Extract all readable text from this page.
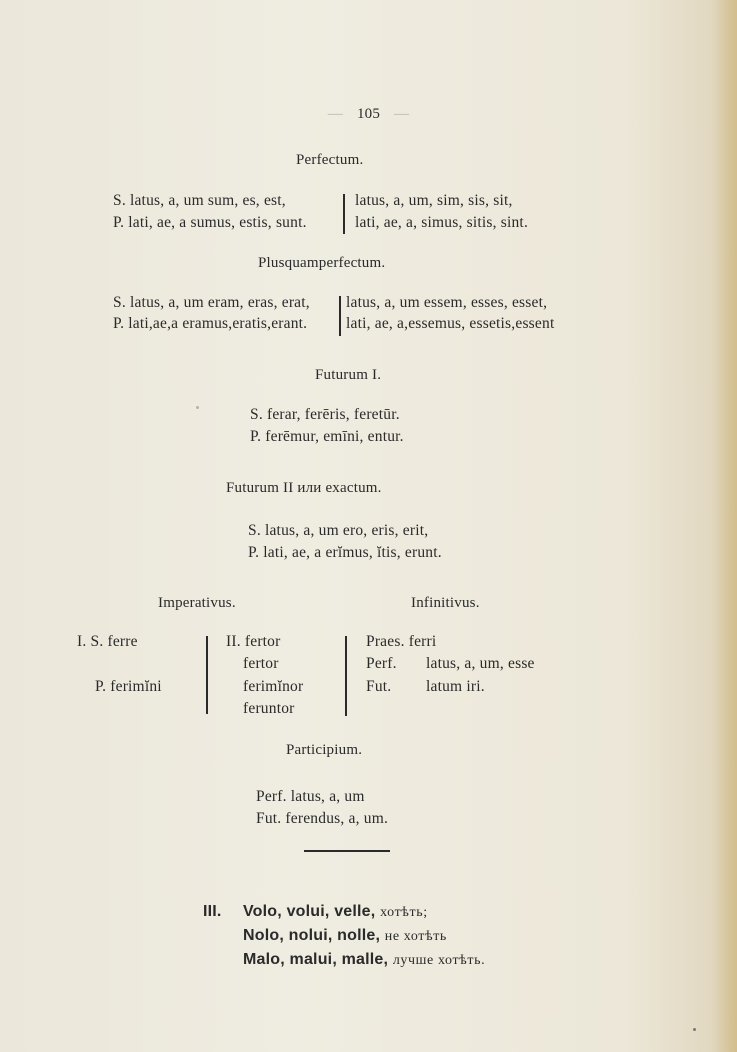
— 105 —
Perfectum.
S. latus, a, um sum, es, est,
P. lati, ae, a sumus, estis, sunt.
latus, a, um, sim, sis, sit,
lati, ae, a, simus, sitis, sint.
Plusquamperfectum.
S. latus, a, um eram, eras, erat,
P. lati,ae,a eramus,eratis,erant.
latus, a, um essem, esses, esset,
lati, ae, a,essemus, essetis,essent
Futurum I.
S. ferar, ferēris, feretūr.
P. ferēmur, emīni, entur.
Futurum II или exactum.
S. latus, a, um ero, eris, erit,
P. lati, ae, a erĭmus, ĭtis, erunt.
Imperativus.	Infinitivus.
I. S. ferre
P. ferimĭni
II. fertor
fertor
ferimĭnor
feruntor
Praes. ferri
Perf. latus, a, um, esse
Fut. latum iri.
Participium.
Perf. latus, a, um
Fut. ferendus, a, um.
III. Volo, volui, velle, хотѣть;
Nolo, nolui, nolle, не хотѣть
Malo, malui, malle, лучше хотѣть.
